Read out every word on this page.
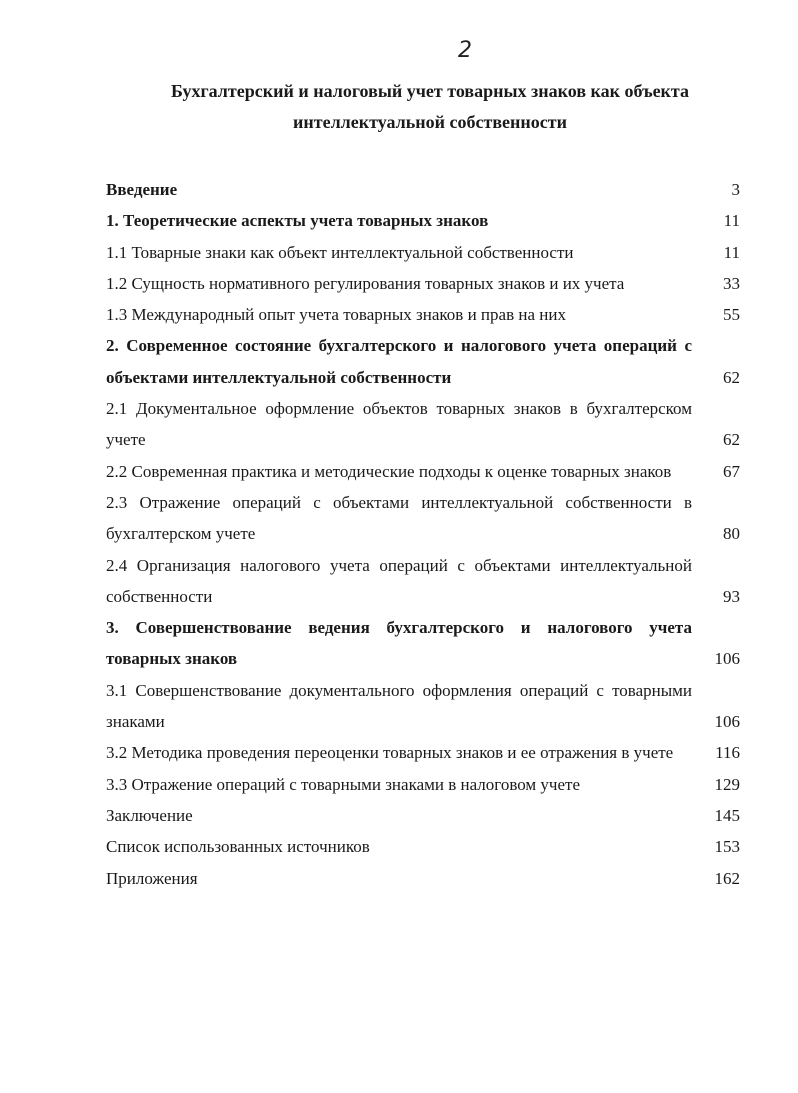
2
Бухгалтерский и налоговый учет товарных знаков как объекта интеллектуальной собственности
Введение	3
1. Теоретические аспекты учета товарных знаков	11
1.1 Товарные знаки как объект интеллектуальной собственности	11
1.2 Сущность нормативного регулирования товарных знаков и их учета	33
1.3 Международный опыт учета товарных знаков и прав на них	55
2. Современное состояние бухгалтерского и налогового учета операций с объектами интеллектуальной собственности	62
2.1 Документальное оформление объектов товарных знаков в бухгалтерском учете	62
2.2 Современная практика и методические подходы к оценке товарных знаков	67
2.3 Отражение операций с объектами интеллектуальной собственности в бухгалтерском учете	80
2.4 Организация налогового учета операций с объектами интеллектуальной собственности	93
3. Совершенствование ведения бухгалтерского и налогового учета товарных знаков	106
3.1 Совершенствование документального оформления операций с товарными знаками	106
3.2 Методика проведения переоценки товарных знаков и ее отражения в учете	116
3.3 Отражение операций с товарными знаками в налоговом учете	129
Заключение	145
Список использованных источников	153
Приложения	162
